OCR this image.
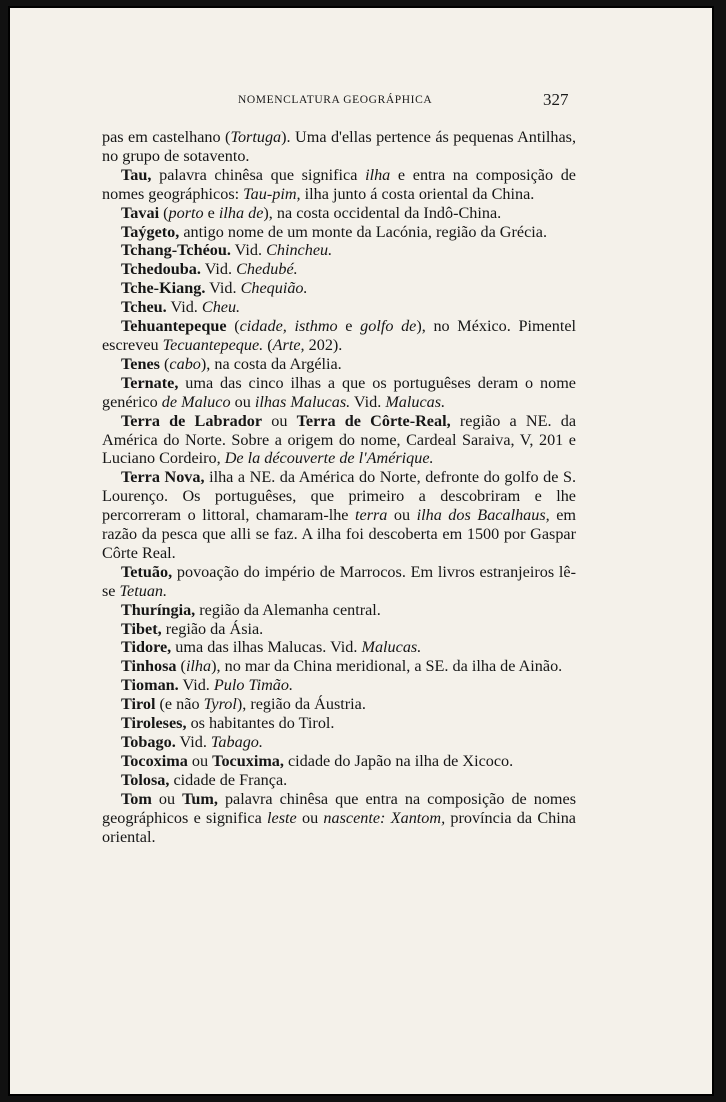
NOMENCLATURA GEOGRÁPHICA	327

pas em castelhano (Tortuga). Uma d'ellas pertence ás pequenas Antilhas, no grupo de sotavento.

Tau, palavra chinêsa que significa ilha e entra na composição de nomes geográphicos: Tau-pim, ilha junto á costa oriental da China.

Tavai (porto e ilha de), na costa occidental da Indô-China.

Taýgeto, antigo nome de um monte da Lacónia, região da Grécia.

Tchang-Tchéou. Vid. Chincheu.

Tchedouba. Vid. Chedubé.

Tche-Kiang. Vid. Chequião.

Tcheu. Vid. Cheu.

Tehuantepeque (cidade, isthmo e golfo de), no México. Pimentel escreveu Tecuantepeque. (Arte, 202).

Tenes (cabo), na costa da Argélia.

Ternate, uma das cinco ilhas a que os portuguêses deram o nome genérico de Maluco ou ilhas Malucas. Vid. Malucas.

Terra de Labrador ou Terra de Côrte-Real, região a NE. da América do Norte. Sobre a origem do nome, Cardeal Saraiva, V, 201 e Luciano Cordeiro, De la découverte de l'Amérique.

Terra Nova, ilha a NE. da América do Norte, defronte do golfo de S. Lourenço. Os portuguêses, que primeiro a descobriram e lhe percorreram o littoral, chamaram-lhe terra ou ilha dos Bacalhaus, em razão da pesca que alli se faz. A ilha foi descoberta em 1500 por Gaspar Côrte Real.

Tetuão, povoação do império de Marrocos. Em livros estranjeiros lê-se Tetuan.

Thuríngia, região da Alemanha central.

Tibet, região da Ásia.

Tidore, uma das ilhas Malucas. Vid. Malucas.

Tinhosa (ilha), no mar da China meridional, a SE. da ilha de Ainão.

Tioman. Vid. Pulo Timão.

Tirol (e não Tyrol), região da Áustria.

Tiroleses, os habitantes do Tirol.

Tobago. Vid. Tabago.

Tocoxima ou Tocuxima, cidade do Japão na ilha de Xicoco.

Tolosa, cidade de França.

Tom ou Tum, palavra chinêsa que entra na composição de nomes geográphicos e significa leste ou nascente: Xantom, província da China oriental.
